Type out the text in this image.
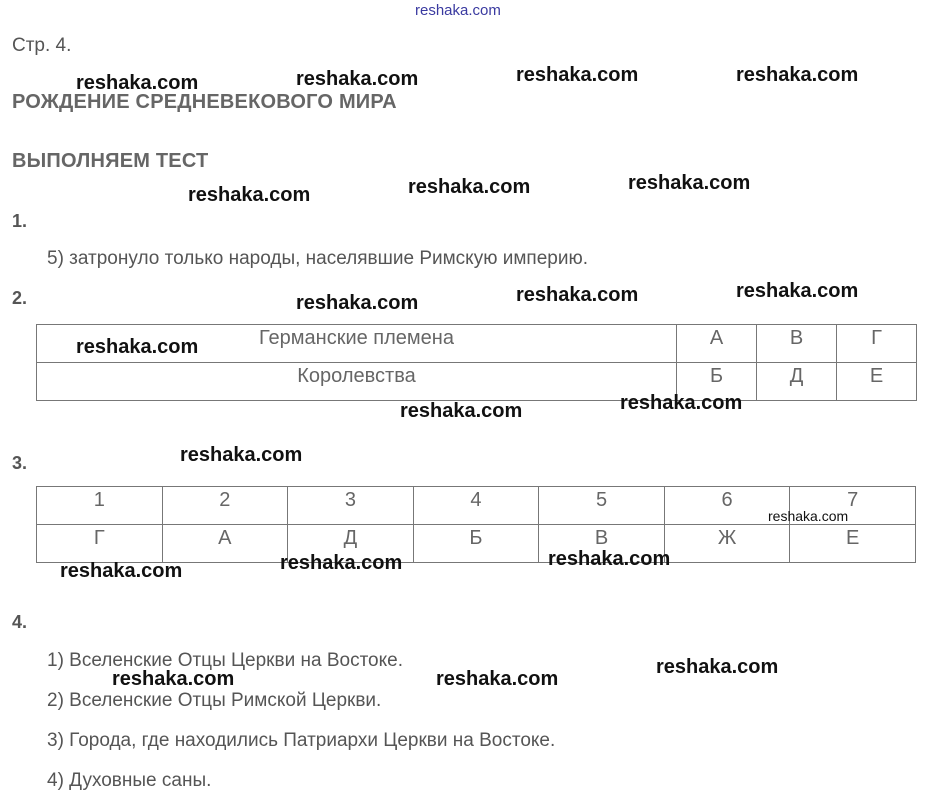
reshaka.com
Стр. 4.
РОЖДЕНИЕ СРЕДНЕВЕКОВОГО МИРА
ВЫПОЛНЯЕМ ТЕСТ
1.
5) затронуло только народы, населявшие Римскую империю.
2.
Германские племена	А	В	Г
Королевства	Б	Д	Е
3.
1	2	3	4	5	6	7
Г	А	Д	Б	В	Ж	Е
4.
1) Вселенские Отцы Церкви на Востоке.
2) Вселенские Отцы Римской Церкви.
3) Города, где находились Патриархи Церкви на Востоке.
4) Духовные саны.
reshaka.com	reshaka.com	reshaka.com	reshaka.com
reshaka.com	reshaka.com	reshaka.com
reshaka.com	reshaka.com	reshaka.com
reshaka.com
reshaka.com	reshaka.com
reshaka.com
reshaka.com
reshaka.com	reshaka.com	reshaka.com
reshaka.com
reshaka.com	reshaka.com
